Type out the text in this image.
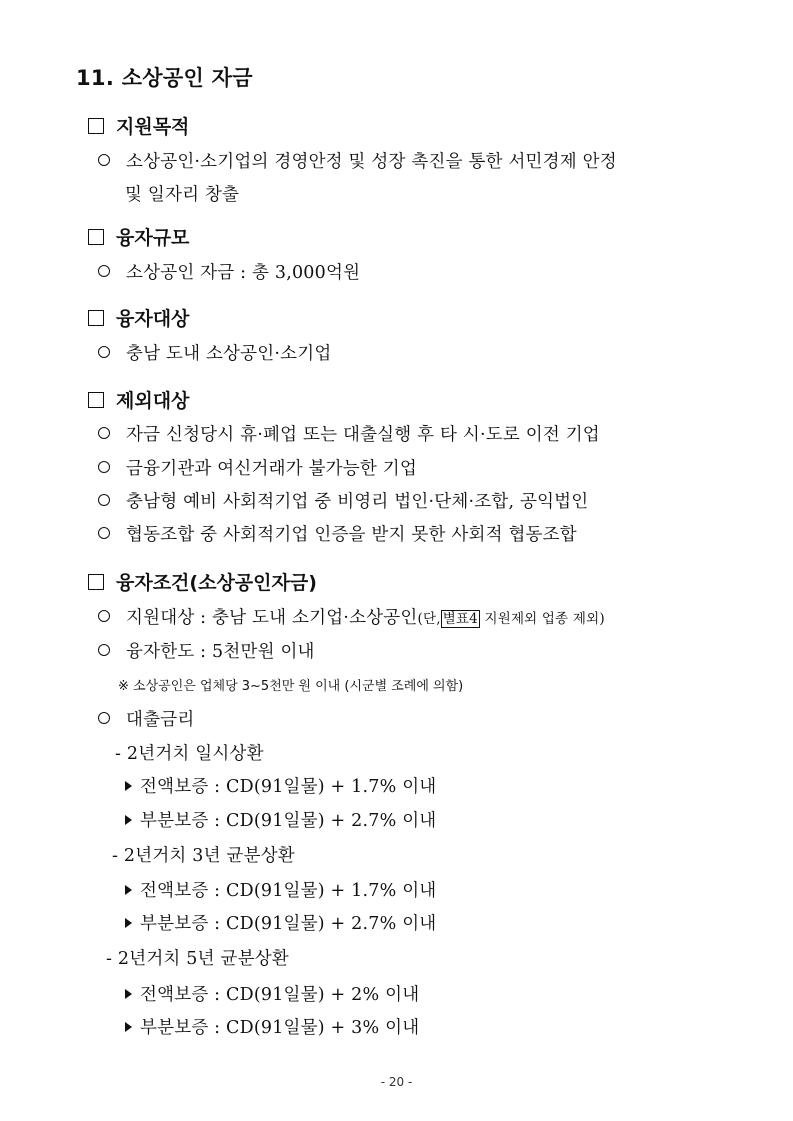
11. 소상공인 자금
지원목적
소상공인·소기업의 경영안정 및 성장 촉진을 통한 서민경제 안정
및 일자리 창출
융자규모
소상공인 자금 : 총 3,000억원
융자대상
충남 도내 소상공인·소기업
제외대상
자금 신청당시 휴·폐업 또는 대출실행 후 타 시·도로 이전 기업
금융기관과 여신거래가 불가능한 기업
충남형 예비 사회적기업 중 비영리 법인·단체·조합, 공익법인
협동조합 중 사회적기업 인증을 받지 못한 사회적 협동조합
융자조건(소상공인자금)
지원대상 : 충남 도내 소기업·소상공인(단, 별표4 지원제외 업종 제외)
융자한도 : 5천만원 이내
※ 소상공인은 업체당 3~5천만 원 이내 (시군별 조례에 의함)
대출금리
- 2년거치 일시상환
전액보증 : CD(91일물) + 1.7% 이내
부분보증 : CD(91일물) + 2.7% 이내
- 2년거치 3년 균분상환
전액보증 : CD(91일물) + 1.7% 이내
부분보증 : CD(91일물) + 2.7% 이내
- 2년거치 5년 균분상환
전액보증 : CD(91일물) + 2% 이내
부분보증 : CD(91일물) + 3% 이내
- 20 -
